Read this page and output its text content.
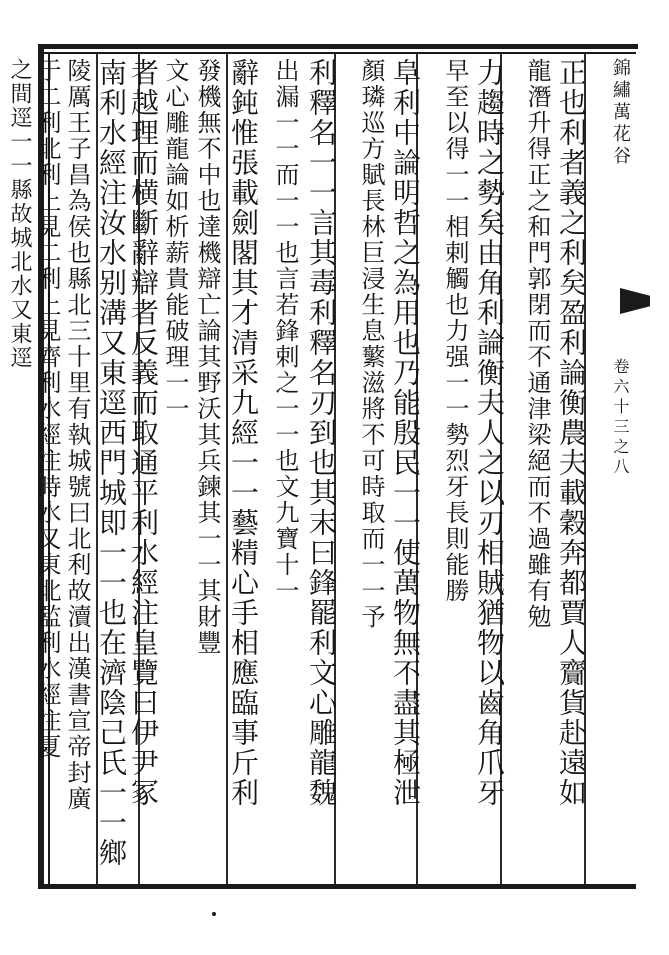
錦繡萬花谷
卷六十三之八
正也利者義之利矣盈利論衡農夫載穀奔都賈人齎貨赴遠如
龍潛升得正之和門郭閉而不通津梁絕而不過雖有勉
力趨時之勢矣由角利論衡夫人之以刃相賊猶物以齒角爪牙
早至以得一一相剌觸也力强一一勢烈牙長則能勝
阜利中論明哲之為用也乃能殷民一一使萬物無不盡其極泄
顏璘巡方賦長林巨浸生息蘩滋將不可時取而一一予
利釋名一一言其毒利釋名刃到也其末曰鋒罷利文心雕龍魏
出漏一一而一一也言若鋒剌之一一也文九寶十一
辭鈍惟張載劍閣其才清采九經一一藝精心手相應臨事斤利
發機無不中也達機辯亡論其野沃其兵鍊其一一其財豐
文心雕龍論如析薪貴能破理一一
者越理而横斷辭辯者反義而取通平利水經注皇覽曰伊尹冢
南利水經注汝水别溝又東逕西門城即一一也在濟陰己氏一一鄉
陵厲王子昌為侯也縣北三十里有執城號曰北利故瀆出漢書宣帝封廣
于二利北利上見二利上見齊利水經注時水又東北監利水經注夏
之間逕一一縣故城北水又東逕
